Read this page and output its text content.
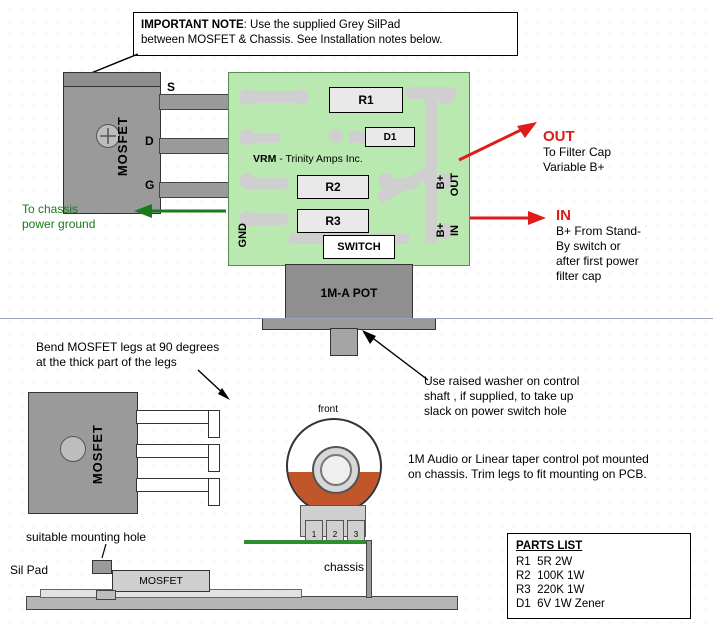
IMPORTANT NOTE: Use the supplied Grey SilPad
between MOSFET & Chassis. See Installation notes below.
MOSFET
S
D
G
R1
D1
R2
R3
SWITCH
VRM - Trinity Amps Inc.
GND
B+ OUT
B+ IN
1M-A POT
OUT
To Filter Cap
Variable B+
IN
B+ From Stand-
By switch or
after first power
filter cap
To chassis
power ground
Bend MOSFET legs at 90 degrees
at the thick part of the legs
MOSFET
front
1	2	3
Use raised washer on control
shaft , if supplied, to take up
slack on power switch hole
1M Audio or Linear taper control pot mounted
on chassis. Trim legs to fit mounting on PCB.
suitable mounting hole
Sil Pad
MOSFET
chassis
PARTS LIST
R1 5R 2W
R2 100K 1W
R3 220K 1W
D1 6V 1W Zener
